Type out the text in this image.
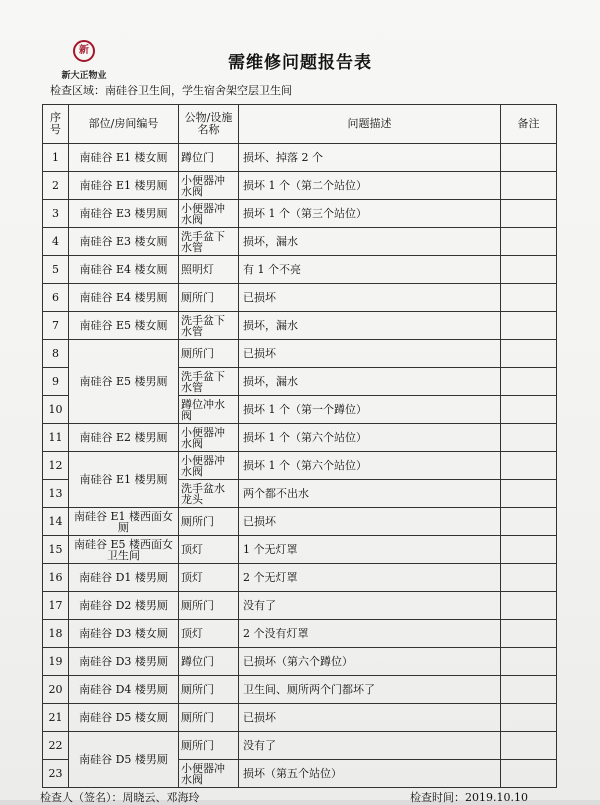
新
新大正物业
需维修问题报告表
检查区域：南硅谷卫生间，学生宿舍架空层卫生间
序号	部位/房间编号	公物/设施名称	问题描述	备注
1	南硅谷 E1 楼女厕	蹲位门	损坏、掉落 2 个	
2	南硅谷 E1 楼男厕	小便器冲水阀	损坏 1 个（第二个站位）	
3	南硅谷 E3 楼男厕	小便器冲水阀	损坏 1 个（第三个站位）	
4	南硅谷 E3 楼女厕	洗手盆下水管	损坏，漏水	
5	南硅谷 E4 楼女厕	照明灯	有 1 个不亮	
6	南硅谷 E4 楼男厕	厕所门	已损坏	
7	南硅谷 E5 楼女厕	洗手盆下水管	损坏，漏水	
8	南硅谷 E5 楼男厕	厕所门	已损坏	
9		洗手盆下水管	损坏，漏水	
10		蹲位冲水阀	损坏 1 个（第一个蹲位）	
11	南硅谷 E2 楼男厕	小便器冲水阀	损坏 1 个（第六个站位）	
12	南硅谷 E1 楼男厕	小便器冲水阀	损坏 1 个（第六个站位）	
13		洗手盆水龙头	两个都不出水	
14	南硅谷 E1 楼西面女厕	厕所门	已损坏	
15	南硅谷 E5 楼西面女卫生间	顶灯	1 个无灯罩	
16	南硅谷 D1 楼男厕	顶灯	2 个无灯罩	
17	南硅谷 D2 楼男厕	厕所门	没有了	
18	南硅谷 D3 楼女厕	顶灯	2 个没有灯罩	
19	南硅谷 D3 楼男厕	蹲位门	已损坏（第六个蹲位）	
20	南硅谷 D4 楼男厕	厕所门	卫生间、厕所两个门都坏了	
21	南硅谷 D5 楼女厕	厕所门	已损坏	
22	南硅谷 D5 楼男厕	厕所门	没有了	
23		小便器冲水阀	损坏（第五个站位）	
检查人（签名）：周晓云、邓海玲	检查时间：2019.10.10
